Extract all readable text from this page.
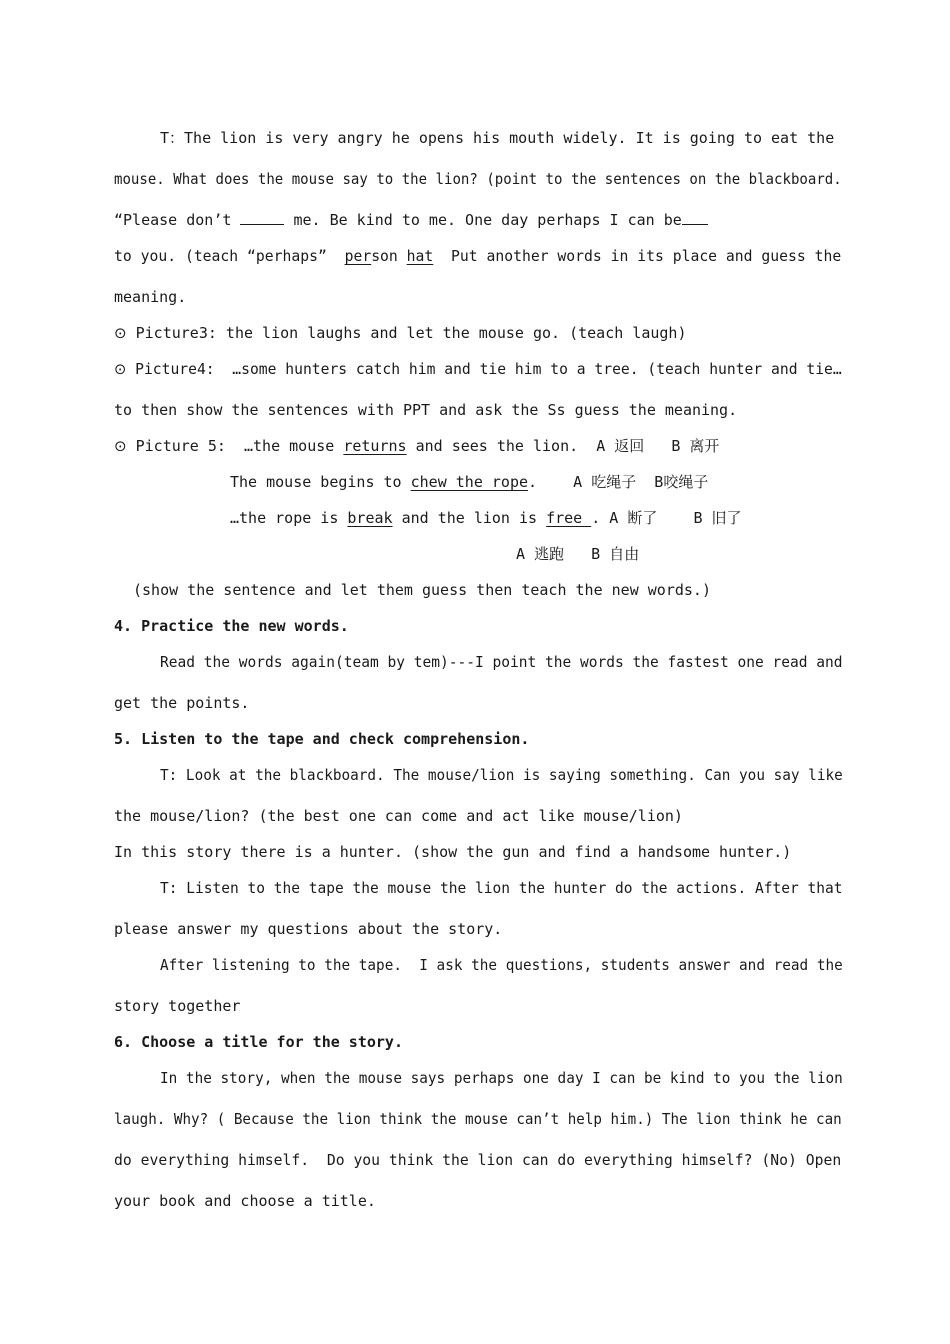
T：The lion is very angry he opens his mouth widely. It is going to eat the
mouse. What does the mouse say to the lion? (point to the sentences on the blackboard.
“Please don’t	me. Be kind to me. One day perhaps I can be
to you. (teach “perhaps”  person hat  Put another words in its place and guess the
meaning.
⊙ Picture3: the lion laughs and let the mouse go. (teach laugh)
⊙ Picture4:  …some hunters catch him and tie him to a tree. (teach hunter and tie…
to then show the sentences with PPT and ask the Ss guess the meaning.
⊙ Picture 5:  …the mouse returns and sees the lion.  A 返回   B 离开
The mouse begins to chew the rope.    A 吃绳子  B咬绳子
…the rope is break and the lion is free . A 断了    B 旧了
A 逃跑   B 自由
(show the sentence and let them guess then teach the new words.)
4. Practice the new words.
Read the words again(team by tem)---I point the words the fastest one read and
get the points.
5. Listen to the tape and check comprehension.
T: Look at the blackboard. The mouse/lion is saying something. Can you say like
the mouse/lion? (the best one can come and act like mouse/lion)
In this story there is a hunter. (show the gun and find a handsome hunter.)
T: Listen to the tape the mouse the lion the hunter do the actions. After that
please answer my questions about the story.
After listening to the tape.  I ask the questions, students answer and read the
story together
6. Choose a title for the story.
In the story, when the mouse says perhaps one day I can be kind to you the lion
laugh. Why? ( Because the lion think the mouse can’t help him.) The lion think he can
do everything himself.  Do you think the lion can do everything himself? (No) Open
your book and choose a title.
